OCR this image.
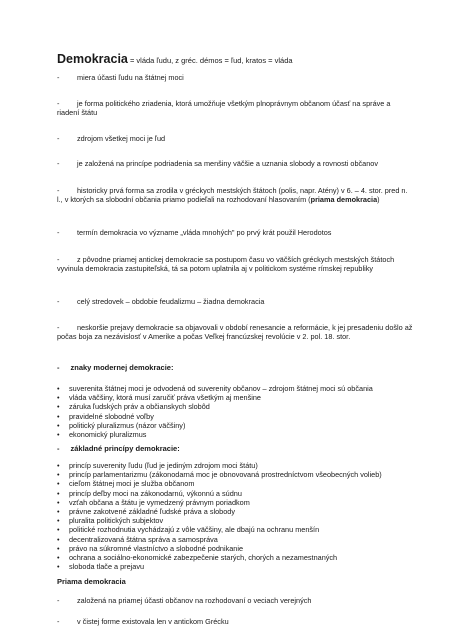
Demokracia = vláda ľudu, z gréc. démos = ľud, kratos = vláda
-	miera účasti ľudu na štátnej moci
-	je forma politického zriadenia, ktorá umožňuje všetkým plnoprávnym občanom účasť na správe a riadení štátu
-	zdrojom všetkej moci je ľud
-	je založená na princípe podriadenia sa menšiny väčšie a uznania slobody a rovnosti občanov
-	historicky prvá forma sa zrodila v gréckych mestských štátoch (polis, napr. Atény) v 6. – 4. stor. pred n. l., v ktorých sa slobodní občania priamo podieľali na rozhodovaní hlasovaním (priama demokracia)
-	termín demokracia vo význame „vláda mnohých" po prvý krát použil Herodotos
-	z pôvodne priamej antickej demokracie sa postupom času vo väčších gréckych mestských štátoch vyvinula demokracia zastupiteľská, tá sa potom uplatnila aj v politickom systéme rímskej republiky
-	celý stredovek – obdobie feudalizmu – žiadna demokracia
-	neskoršie prejavy demokracie sa objavovali v období renesancie a reformácie, k jej presadeniu došlo až počas boja za nezávislosť v Amerike a počas Veľkej francúzskej revolúcie v 2. pol. 18. stor.
- znaky modernej demokracie:
• suverenita štátnej moci je odvodená od suverenity občanov – zdrojom štátnej moci sú občania
• vláda väčšiny, ktorá musí zaručiť práva všetkým aj menšine
• záruka ľudských práv a občianskych slobôd
• pravidelné slobodné voľby
• politický pluralizmus (názor väčšiny)
• ekonomický pluralizmus
- základné princípy demokracie:
• princíp suverenity ľudu (ľud je jediným zdrojom moci štátu)
• princíp parlamentarizmu (zákonodarná moc je obnovovaná prostredníctvom všeobecných volieb)
• cieľom štátnej moci je služba občanom
• princíp deľby moci na zákonodarnú, výkonnú a súdnu
• vzťah občana a štátu je vymedzený právnym poriadkom
• právne zakotvené základné ľudské práva a slobody
• pluralita politických subjektov
• politické rozhodnutia vychádzajú z vôle väčšiny, ale dbajú na ochranu menšín
• decentralizovaná štátna správa a samospráva
• právo na súkromné vlastníctvo a slobodné podnikanie
• ochrana a sociálno-ekonomické zabezpečenie starých, chorých a nezamestnaných
• sloboda tlače a prejavu
Priama demokracia
-	založená na priamej účasti občanov na rozhodovaní o veciach verejných
-	v čistej forme existovala len v antickom Grécku
